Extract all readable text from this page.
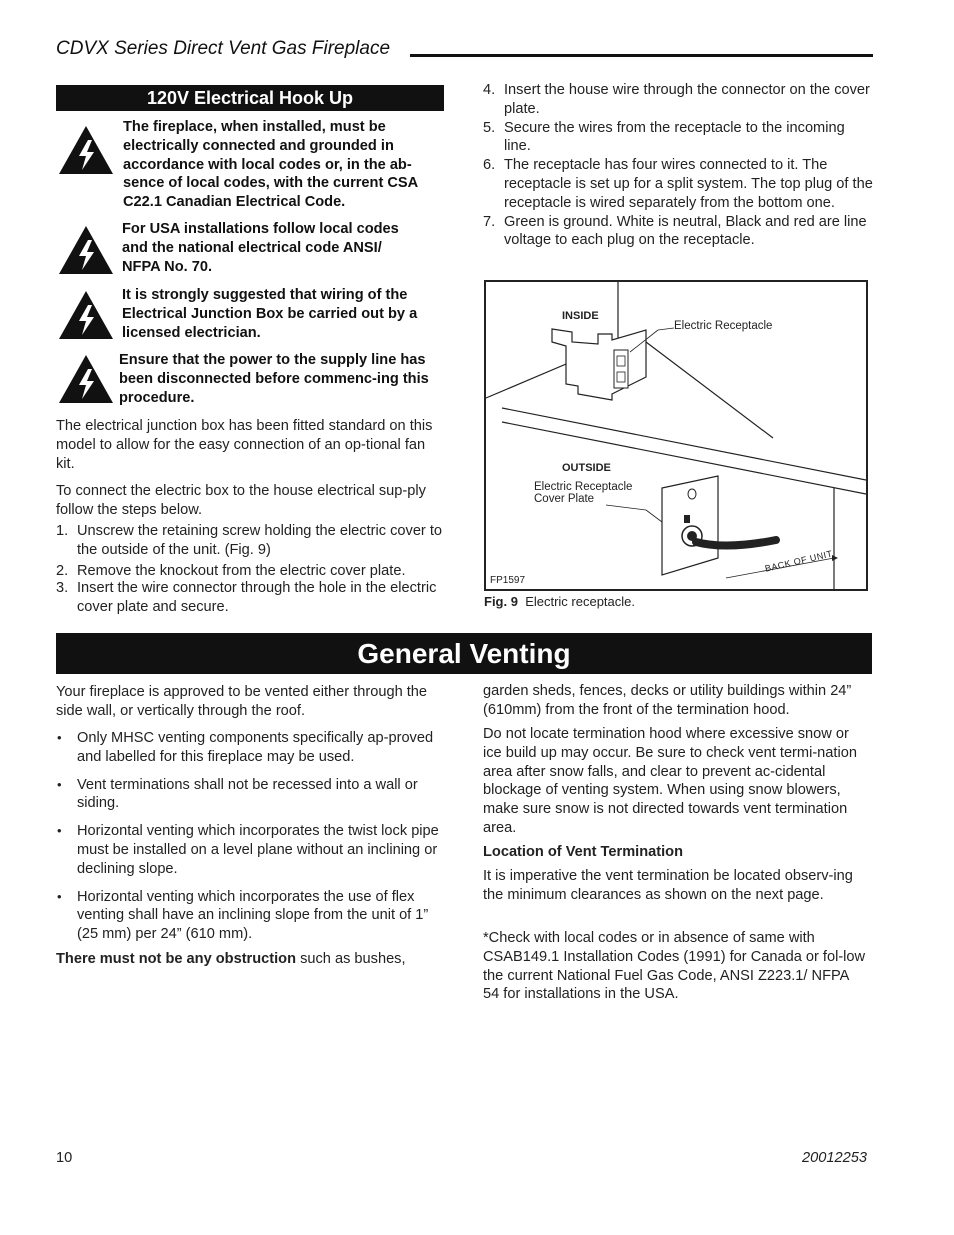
CDVX Series Direct Vent Gas Fireplace
120V Electrical Hook Up
The fireplace, when installed, must be electrically connected and grounded in accordance with local codes or, in the ab-sence of local codes, with the current CSA C22.1 Canadian Electrical Code.
For USA installations follow local codes and the national electrical code ANSI/ NFPA No. 70.
It is strongly suggested that wiring of the Electrical Junction Box be carried out by a licensed electrician.
Ensure that the power to the supply line has been disconnected before commenc-ing this procedure.
The electrical junction box has been fitted standard on this model to allow for the easy connection of an op-tional fan kit.
To connect the electric box to the house electrical sup-ply follow the steps below.
1. Unscrew the retaining screw holding the electric cover to the outside of the unit. (Fig. 9)
2. Remove the knockout from the electric cover plate.
3. Insert the wire connector through the hole in the electric cover plate and secure.
4. Insert the house wire through the connector on the cover plate.
5. Secure the wires from the receptacle to the incoming line.
6. The receptacle has four wires connected to it. The receptacle is set up for a split system. The top plug of the receptacle is wired separately from the bottom one.
7. Green is ground. White is neutral, Black and red are line voltage to each plug on the receptacle.
INSIDE
Electric Receptacle
OUTSIDE
Electric Receptacle
Cover Plate
FP1597
BACK OF UNIT
Fig. 9 Electric receptacle.
General Venting
Your fireplace is approved to be vented either through the side wall, or vertically through the roof.
• Only MHSC venting components specifically ap-proved and labelled for this fireplace may be used.
• Vent terminations shall not be recessed into a wall or siding.
• Horizontal venting which incorporates the twist lock pipe must be installed on a level plane without an inclining or declining slope.
• Horizontal venting which incorporates the use of flex venting shall have an inclining slope from the unit of 1” (25 mm) per 24” (610 mm).
There must not be any obstruction such as bushes,
garden sheds, fences, decks or utility buildings within 24” (610mm) from the front of the termination hood.
Do not locate termination hood where excessive snow or ice build up may occur. Be sure to check vent termi-nation area after snow falls, and clear to prevent ac-cidental blockage of venting system. When using snow blowers, make sure snow is not directed towards vent termination area.
Location of Vent Termination
It is imperative the vent termination be located observ-ing the minimum clearances as shown on the next page.
*Check with local codes or in absence of same with CSAB149.1 Installation Codes (1991) for Canada or fol-low the current National Fuel Gas Code, ANSI Z223.1/ NFPA 54 for installations in the USA.
10	20012253
